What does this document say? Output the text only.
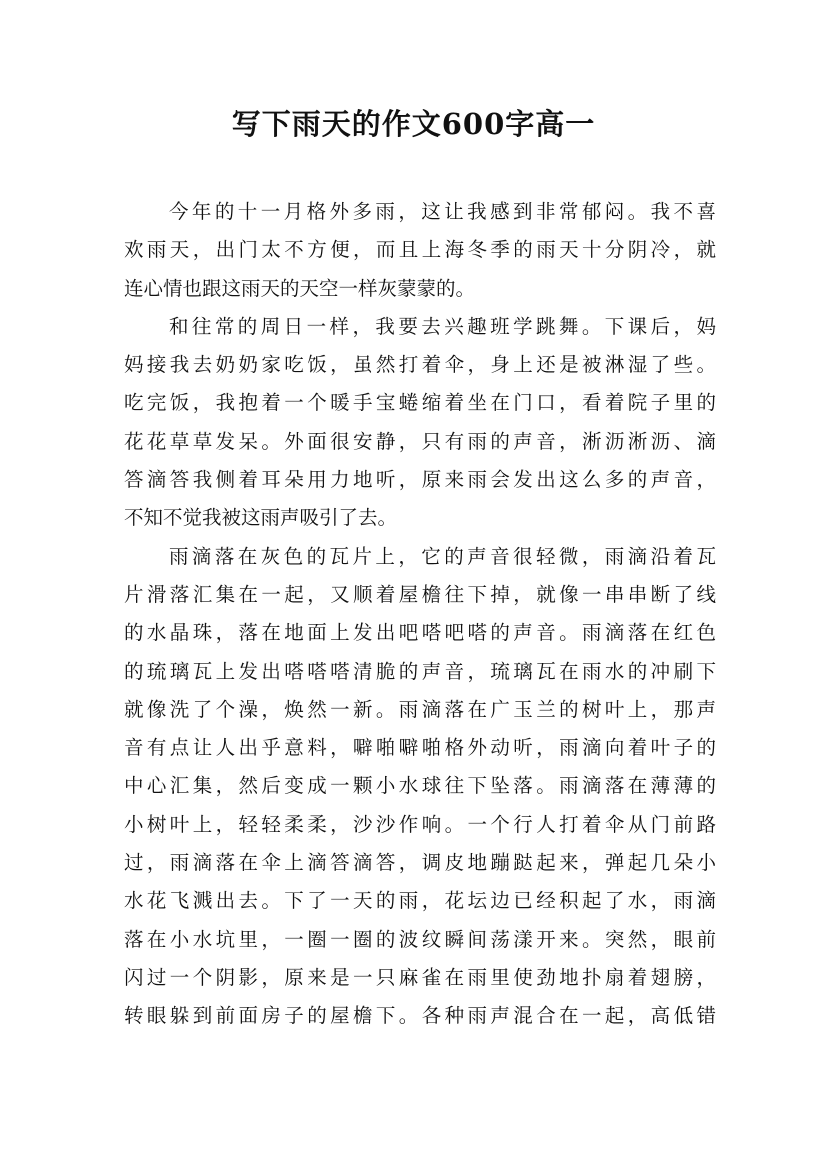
写下雨天的作文600字高一
今年的十一月格外多雨，这让我感到非常郁闷。我不喜
欢雨天，出门太不方便，而且上海冬季的雨天十分阴冷，就
连心情也跟这雨天的天空一样灰蒙蒙的。
和往常的周日一样，我要去兴趣班学跳舞。下课后，妈
妈接我去奶奶家吃饭，虽然打着伞，身上还是被淋湿了些。
吃完饭，我抱着一个暖手宝蜷缩着坐在门口，看着院子里的
花花草草发呆。外面很安静，只有雨的声音，淅沥淅沥、滴
答滴答我侧着耳朵用力地听，原来雨会发出这么多的声音，
不知不觉我被这雨声吸引了去。
雨滴落在灰色的瓦片上，它的声音很轻微，雨滴沿着瓦
片滑落汇集在一起，又顺着屋檐往下掉，就像一串串断了线
的水晶珠，落在地面上发出吧嗒吧嗒的声音。雨滴落在红色
的琉璃瓦上发出嗒嗒嗒清脆的声音，琉璃瓦在雨水的冲刷下
就像洗了个澡，焕然一新。雨滴落在广玉兰的树叶上，那声
音有点让人出乎意料，噼啪噼啪格外动听，雨滴向着叶子的
中心汇集，然后变成一颗小水球往下坠落。雨滴落在薄薄的
小树叶上，轻轻柔柔，沙沙作响。一个行人打着伞从门前路
过，雨滴落在伞上滴答滴答，调皮地蹦跶起来，弹起几朵小
水花飞溅出去。下了一天的雨，花坛边已经积起了水，雨滴
落在小水坑里，一圈一圈的波纹瞬间荡漾开来。突然，眼前
闪过一个阴影，原来是一只麻雀在雨里使劲地扑扇着翅膀，
转眼躲到前面房子的屋檐下。各种雨声混合在一起，高低错
